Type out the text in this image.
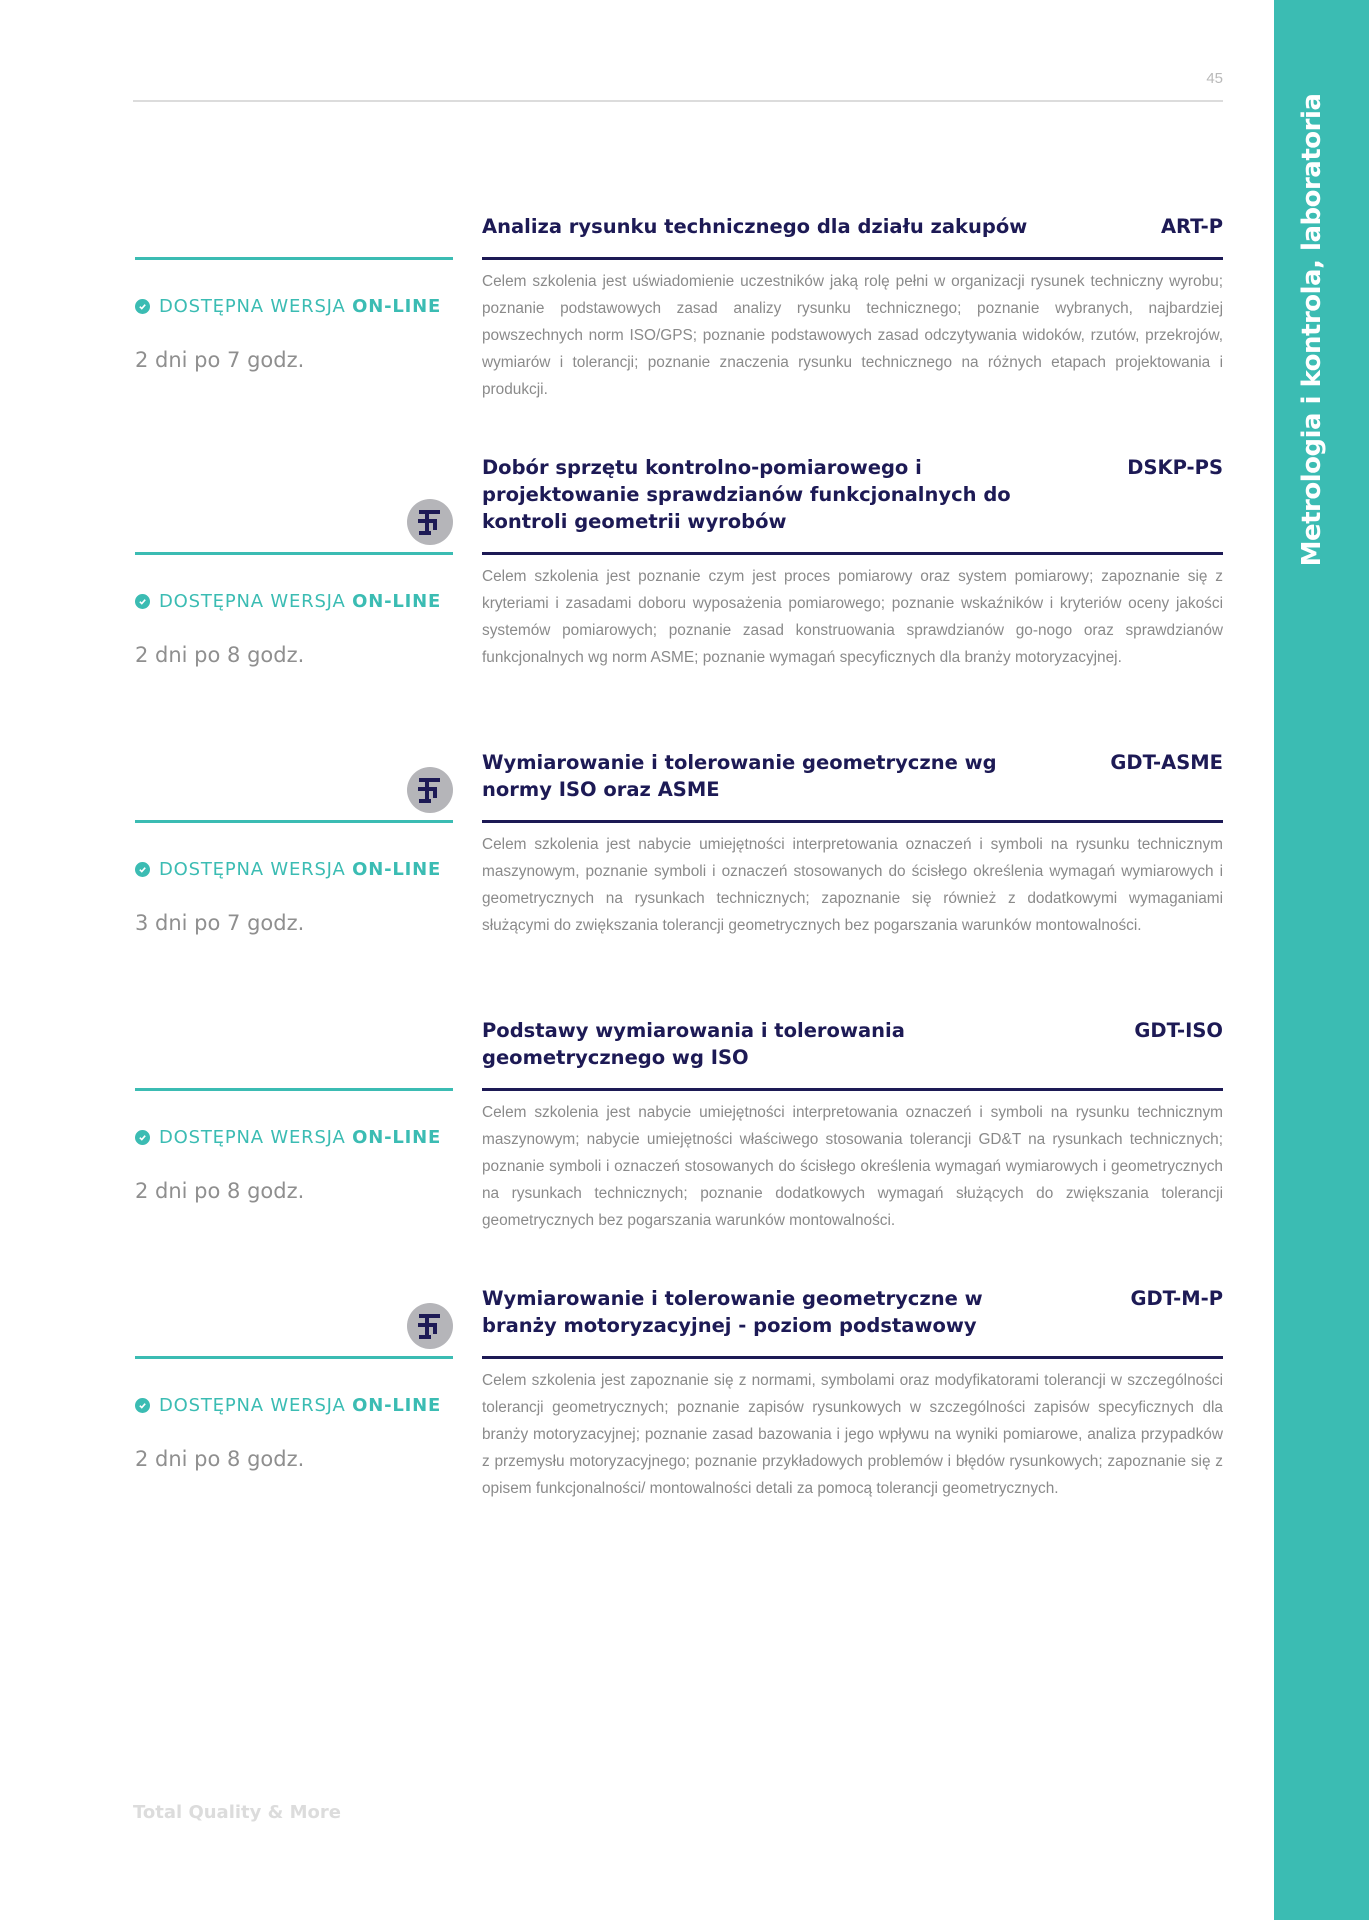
Metrologia i kontrola, laboratoria
45
Analiza rysunku technicznego dla działu zakupów	ART-P
Celem szkolenia jest uświadomienie uczestników jaką rolę pełni w organizacji rysunek techniczny wyrobu; poznanie podstawowych zasad analizy rysunku technicznego; poznanie wybranych, najbardziej powszechnych norm ISO/GPS; poznanie podstawowych zasad odczytywania widoków, rzutów, przekrojów, wymiarów i tolerancji; poznanie znaczenia rysunku technicznego na różnych etapach projektowania i produkcji.
DOSTĘPNA WERSJA ON-LINE
2 dni po 7 godz.
Dobór sprzętu kontrolno-pomiarowego i projektowanie sprawdzianów funkcjonalnych do kontroli geometrii wyrobów
DSKP-PS
Celem szkolenia jest poznanie czym jest proces pomiarowy oraz system pomiarowy; zapoznanie się z kryteriami i zasadami doboru wyposażenia pomiarowego; poznanie wskaźników i kryteriów oceny jakości systemów pomiarowych; poznanie zasad konstruowania sprawdzianów go-nogo oraz sprawdzianów funkcjonalnych wg norm ASME; poznanie wymagań specyficznych dla branży motoryzacyjnej.
DOSTĘPNA WERSJA ON-LINE
2 dni po 8 godz.
Wymiarowanie i tolerowanie geometryczne wg normy ISO oraz ASME
GDT-ASME
Celem szkolenia jest nabycie umiejętności interpretowania oznaczeń i symboli na rysunku technicznym maszynowym, poznanie symboli i oznaczeń stosowanych do ścisłego określenia wymagań wymiarowych i geometrycznych na rysunkach technicznych; zapoznanie się również z dodatkowymi wymaganiami służącymi do zwiększania tolerancji geometrycznych bez pogarszania warunków montowalności.
DOSTĘPNA WERSJA ON-LINE
3 dni po 7 godz.
Podstawy wymiarowania i tolerowania geometrycznego wg ISO
GDT-ISO
Celem szkolenia jest nabycie umiejętności interpretowania oznaczeń i symboli na rysunku technicznym maszynowym; nabycie umiejętności właściwego stosowania tolerancji GD&T na rysunkach technicznych; poznanie symboli i oznaczeń stosowanych do ścisłego określenia wymagań wymiarowych i geometrycznych na rysunkach technicznych; poznanie dodatkowych wymagań służących do zwiększania tolerancji geometrycznych bez pogarszania warunków montowalności.
DOSTĘPNA WERSJA ON-LINE
2 dni po 8 godz.
Wymiarowanie i tolerowanie geometryczne w branży motoryzacyjnej - poziom podstawowy
GDT-M-P
Celem szkolenia jest zapoznanie się z normami, symbolami oraz modyfikatorami tolerancji w szczególności tolerancji geometrycznych; poznanie zapisów rysunkowych w szczególności zapisów specyficznych dla branży motoryzacyjnej; poznanie zasad bazowania i jego wpływu na wyniki pomiarowe, analiza przypadków z przemysłu motoryzacyjnego; poznanie przykładowych problemów i błędów rysunkowych; zapoznanie się z opisem funkcjonalności/ montowalności detali za pomocą tolerancji geometrycznych.
DOSTĘPNA WERSJA ON-LINE
2 dni po 8 godz.
Total Quality & More
